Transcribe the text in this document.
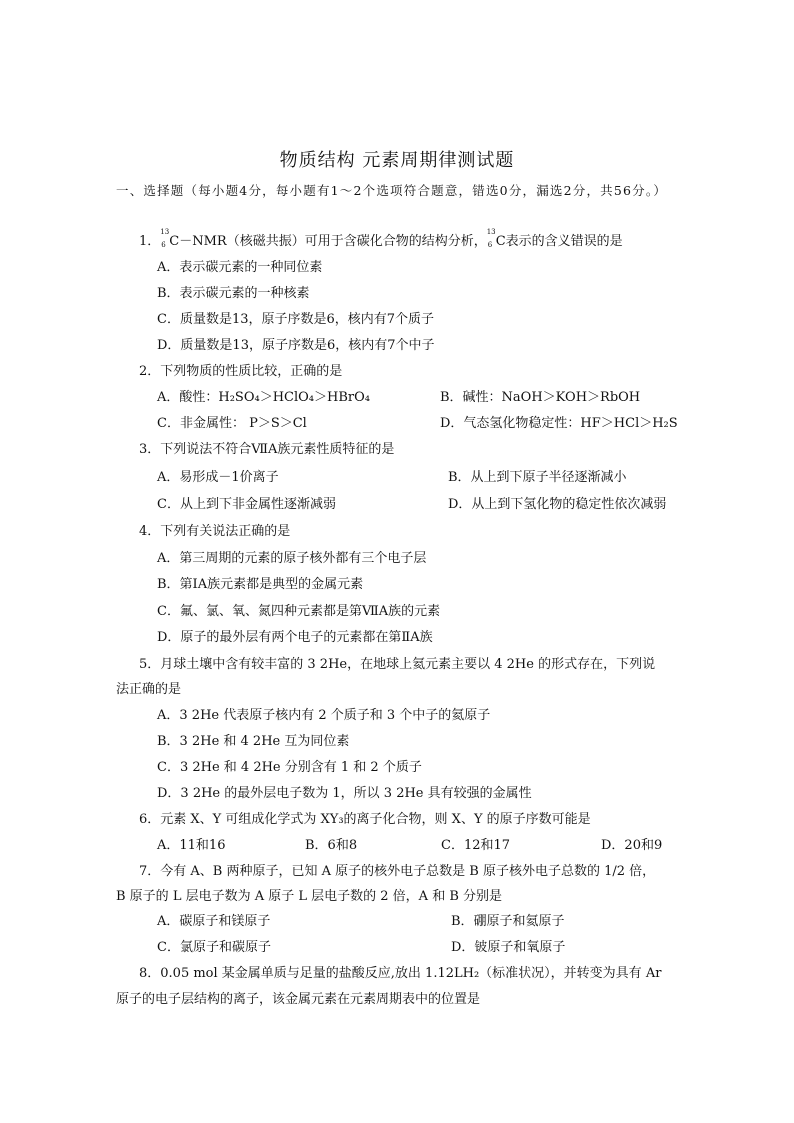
物质结构 元素周期律测试题
一、选择题（每小题4分，每小题有1～2个选项符合题意，错选0分，漏选2分，共56分。）
1．
13
6 C－NMR（核磁共振）可用于含碳化合物的结构分析，
13
6 C表示的含义错误的是
A．表示碳元素的一种同位素
B．表示碳元素的一种核素
C．质量数是13，原子序数是6，核内有7个质子
D．质量数是13，原子序数是6，核内有7个中子
2．下列物质的性质比较，正确的是
A．酸性：H₂SO₄＞HClO₄＞HBrO₄	B．碱性：NaOH＞KOH＞RbOH
C．非金属性： P＞S＞Cl	D．气态氢化物稳定性：HF＞HCl＞H₂S
3．下列说法不符合ⅦA族元素性质特征的是
A．易形成－1价离子	B．从上到下原子半径逐渐减小
C．从上到下非金属性逐渐减弱	D．从上到下氢化物的稳定性依次减弱
4．下列有关说法正确的是
A．第三周期的元素的原子核外都有三个电子层
B．第ⅠA族元素都是典型的金属元素
C．氟、氯、氧、氮四种元素都是第ⅦA族的元素
D．原子的最外层有两个电子的元素都在第ⅡA族
5．月球土壤中含有较丰富的 3 2He，在地球上氦元素主要以 4 2He 的形式存在，下列说
法正确的是
A．3 2He 代表原子核内有 2 个质子和 3 个中子的氦原子
B．3 2He 和 4 2He 互为同位素
C．3 2He 和 4 2He 分别含有 1 和 2 个质子
D．3 2He 的最外层电子数为 1，所以 3 2He 具有较强的金属性
6．元素 X、Y 可组成化学式为 XY₃的离子化合物，则 X、Y 的原子序数可能是
A．11和16	B．6和8	C．12和17	D．20和9
7．今有 A、B 两种原子，已知 A 原子的核外电子总数是 B 原子核外电子总数的 1/2 倍，
B 原子的 L 层电子数为 A 原子 L 层电子数的 2 倍，A 和 B 分别是
A．碳原子和镁原子	B．硼原子和氦原子
C．氯原子和碳原子	D．铍原子和氧原子
8．0.05 mol 某金属单质与足量的盐酸反应,放出 1.12LH₂（标准状况），并转变为具有 Ar
原子的电子层结构的离子，该金属元素在元素周期表中的位置是
